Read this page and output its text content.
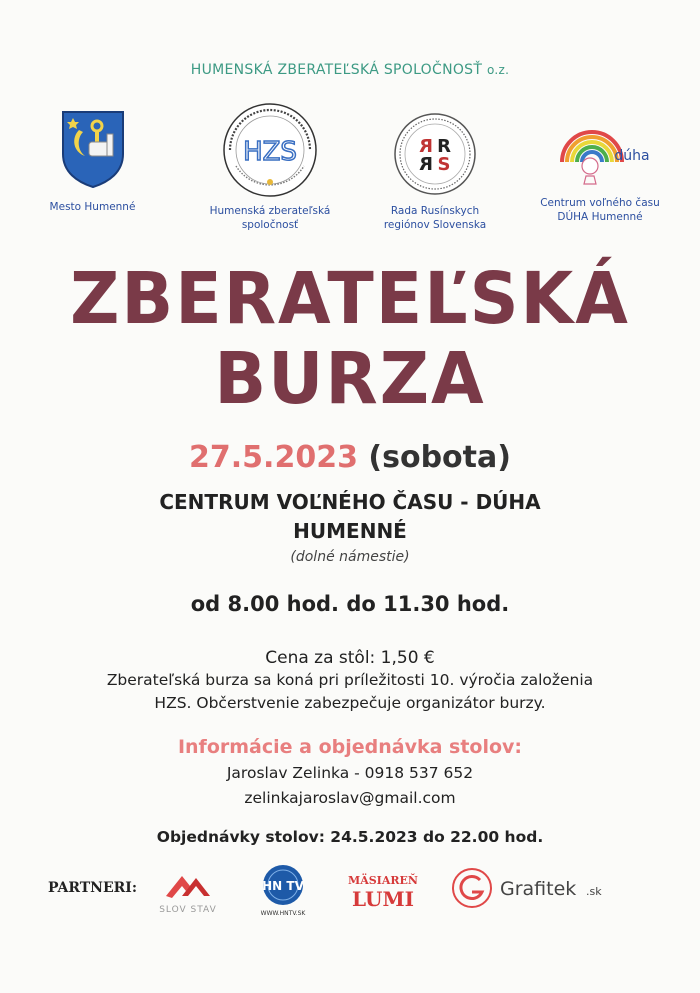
HUMENSKÁ ZBERATEĽSKÁ SPOLOČNOSŤ o.z.
Mesto Humenné
HZS
Humenská zberateľská
spoločnosť
R R
R S
Rada Rusínskych
regiónov Slovenska
dúha
Centrum voľného času
DÚHA Humenné
ZBERATEĽSKÁ
BURZA
27.5.2023 (sobota)
CENTRUM VOĽNÉHO ČASU - DÚHA
HUMENNÉ
(dolné námestie)
od 8.00 hod. do 11.30 hod.
Cena za stôl: 1,50 €
Zberateľská burza sa koná pri príležitosti 10. výročia založenia
HZS. Občerstvenie zabezpečuje organizátor burzy.
Informácie a objednávka stolov:
Jaroslav Zelinka - 0918 537 652
zelinkajaroslav@gmail.com
Objednávky stolov: 24.5.2023 do 22.00 hod.
PARTNERI:
SLOV STAV
HN TV
WWW.HNTV.SK
MÄSIAREŇ
LUMI	Grafitek .sk
